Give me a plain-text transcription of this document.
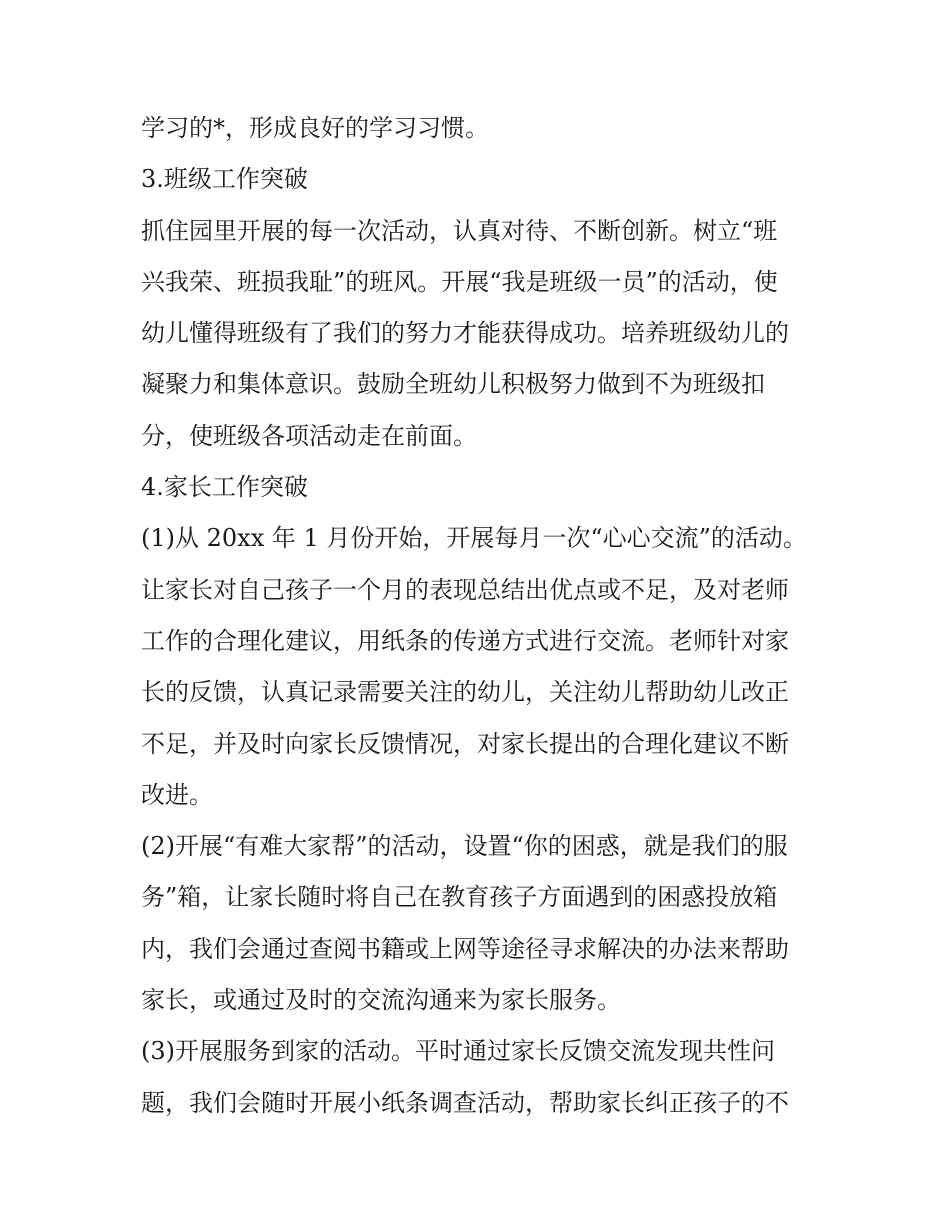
学习的*，形成良好的学习习惯。
3.班级工作突破
抓住园里开展的每一次活动，认真对待、不断创新。树立“班
兴我荣、班损我耻”的班风。开展“我是班级一员”的活动，使
幼儿懂得班级有了我们的努力才能获得成功。培养班级幼儿的
凝聚力和集体意识。鼓励全班幼儿积极努力做到不为班级扣
分，使班级各项活动走在前面。
4.家长工作突破
(1)从 20xx 年 1 月份开始，开展每月一次“心心交流”的活动。
让家长对自己孩子一个月的表现总结出优点或不足，及对老师
工作的合理化建议，用纸条的传递方式进行交流。老师针对家
长的反馈，认真记录需要关注的幼儿，关注幼儿帮助幼儿改正
不足，并及时向家长反馈情况，对家长提出的合理化建议不断
改进。
(2)开展“有难大家帮”的活动，设置“你的困惑，就是我们的服
务”箱，让家长随时将自己在教育孩子方面遇到的困惑投放箱
内，我们会通过查阅书籍或上网等途径寻求解决的办法来帮助
家长，或通过及时的交流沟通来为家长服务。
(3)开展服务到家的活动。平时通过家长反馈交流发现共性问
题，我们会随时开展小纸条调查活动，帮助家长纠正孩子的不
